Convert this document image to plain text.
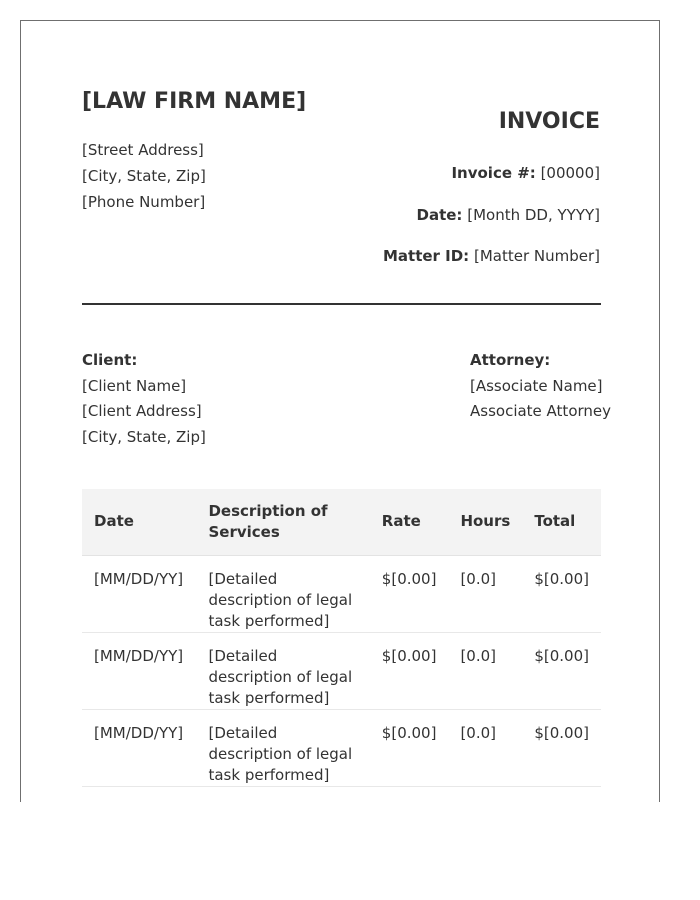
[LAW FIRM NAME]
[Street Address]
[City, State, Zip]
[Phone Number]
INVOICE
Invoice #: [00000]
Date: [Month DD, YYYY]
Matter ID: [Matter Number]
Client:
[Client Name]
[Client Address]
[City, State, Zip]
Attorney:
[Associate Name]
Associate Attorney
Date	Description of Services	Rate	Hours	Total
[MM/DD/YY]	[Detailed description of legal task performed]	$[0.00]	[0.0]	$[0.00]
[MM/DD/YY]	[Detailed description of legal task performed]	$[0.00]	[0.0]	$[0.00]
[MM/DD/YY]	[Detailed description of legal task performed]	$[0.00]	[0.0]	$[0.00]
